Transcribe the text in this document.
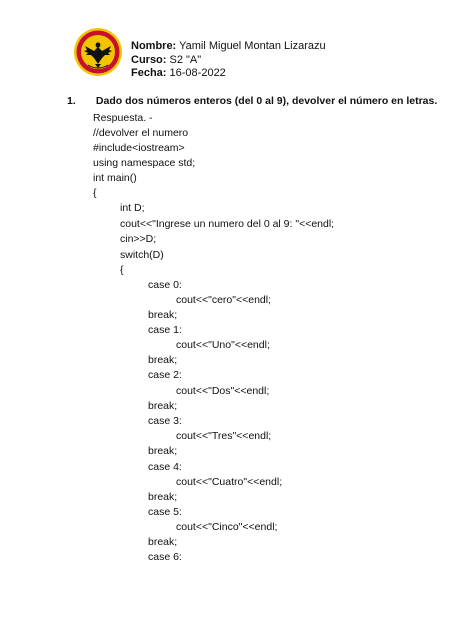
Nombre: Yamil Miguel Montan Lizarazu
Curso: S2 "A"
Fecha: 16-08-2022
1. Dado dos números enteros (del 0 al 9), devolver el número en letras.
Respuesta. -
//devolver el numero
#include<iostream>
using namespace std;
int main()
{
int D;
cout<<"Ingrese un numero del 0 al 9: "<<endl;
cin>>D;
switch(D)
{
case 0:
cout<<"cero"<<endl;
break;
case 1:
cout<<"Uno"<<endl;
break;
case 2:
cout<<"Dos"<<endl;
break;
case 3:
cout<<"Tres"<<endl;
break;
case 4:
cout<<"Cuatro"<<endl;
break;
case 5:
cout<<"Cinco"<<endl;
break;
case 6:
